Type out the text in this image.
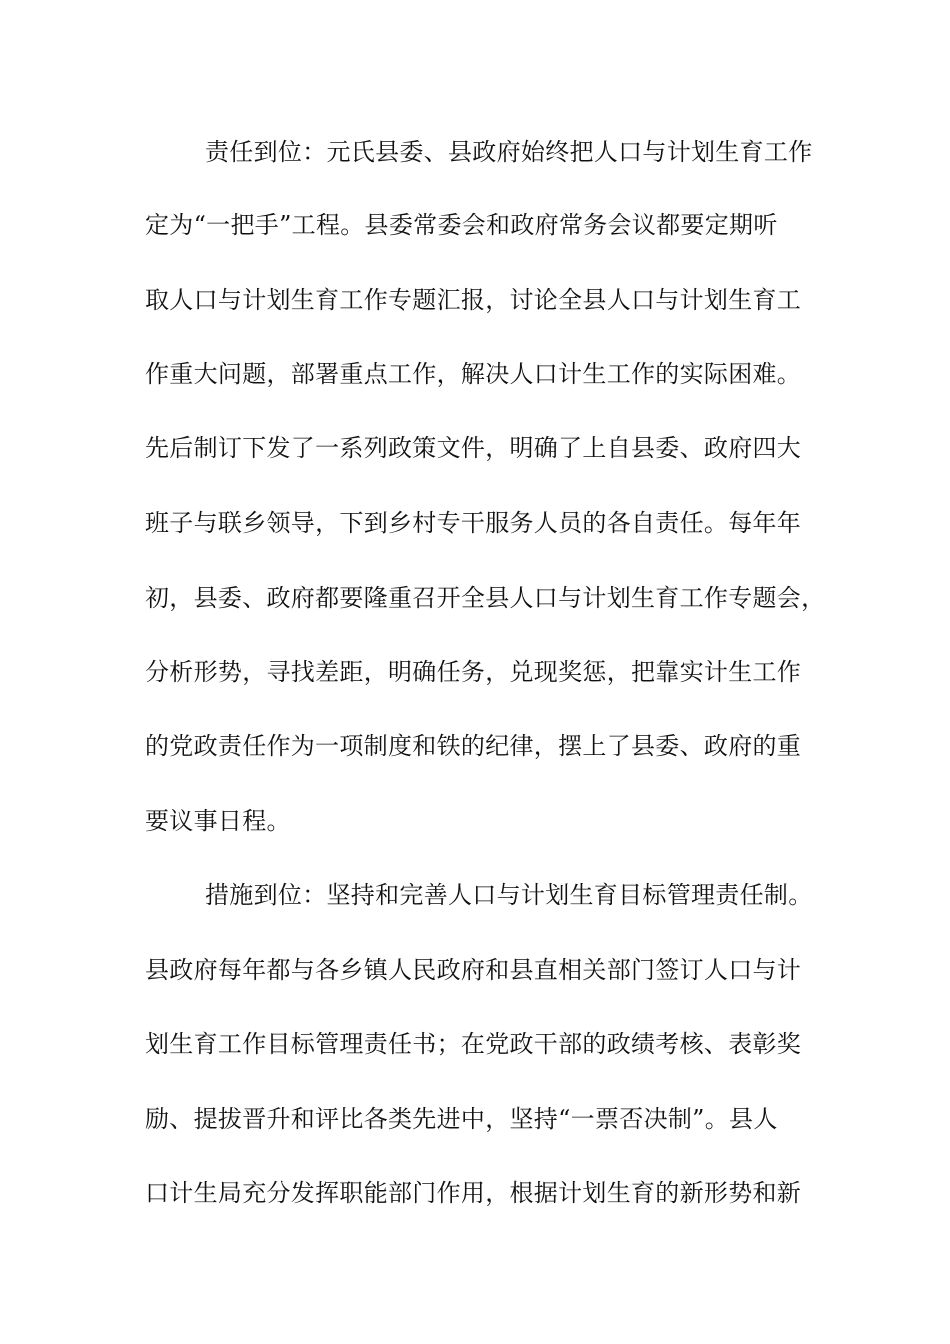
责任到位：元氏县委、县政府始终把人口与计划生育工作
定为“一把手”工程。县委常委会和政府常务会议都要定期听
取人口与计划生育工作专题汇报，讨论全县人口与计划生育工
作重大问题，部署重点工作，解决人口计生工作的实际困难。
先后制订下发了一系列政策文件，明确了上自县委、政府四大
班子与联乡领导，下到乡村专干服务人员的各自责任。每年年
初，县委、政府都要隆重召开全县人口与计划生育工作专题会，
分析形势，寻找差距，明确任务，兑现奖惩，把靠实计生工作
的党政责任作为一项制度和铁的纪律，摆上了县委、政府的重
要议事日程。
措施到位：坚持和完善人口与计划生育目标管理责任制。
县政府每年都与各乡镇人民政府和县直相关部门签订人口与计
划生育工作目标管理责任书；在党政干部的政绩考核、表彰奖
励、提拔晋升和评比各类先进中，坚持“一票否决制”。县人
口计生局充分发挥职能部门作用，根据计划生育的新形势和新
